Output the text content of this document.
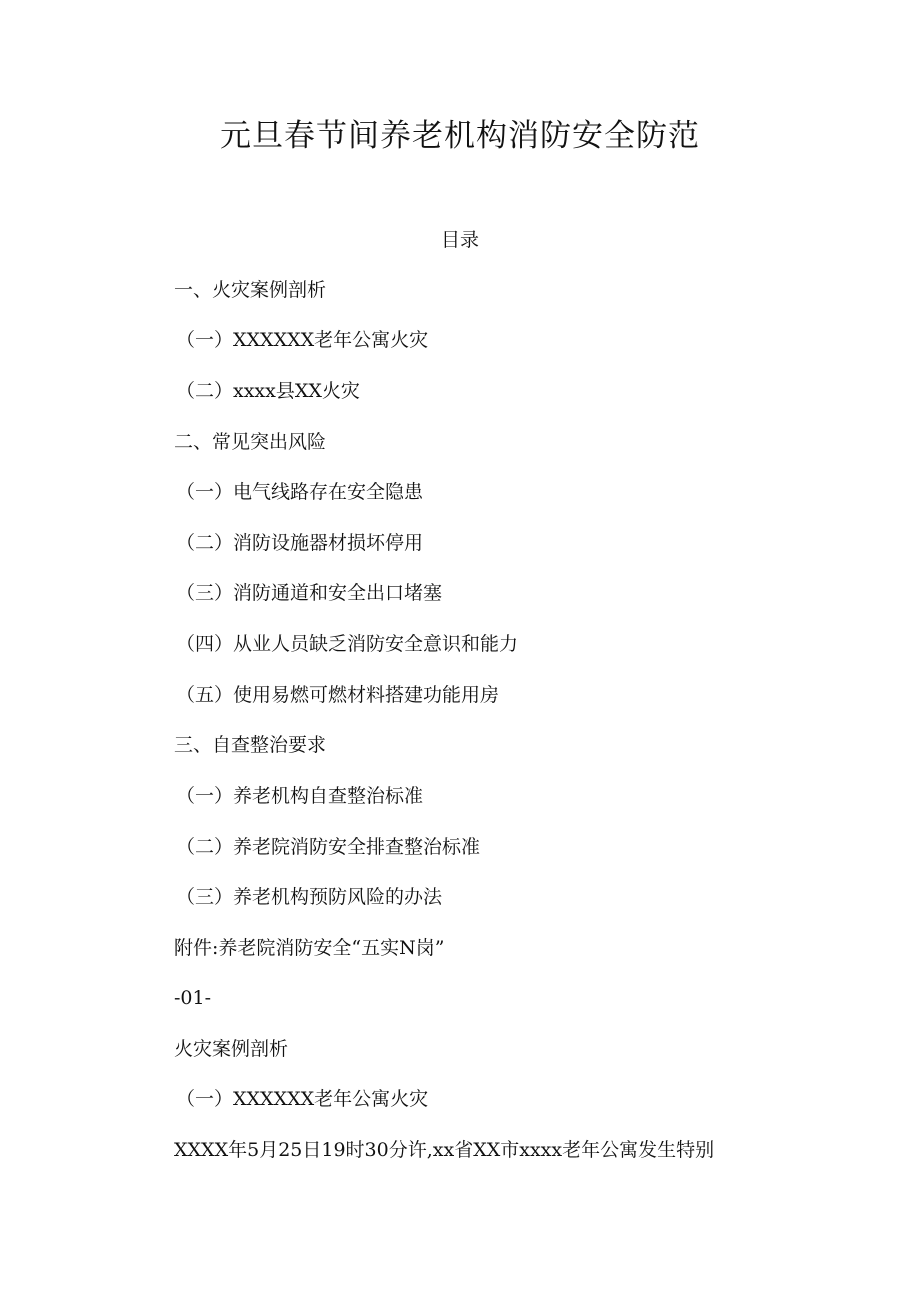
元旦春节间养老机构消防安全防范

目录

一、火灾案例剖析

（一）XXXXXX老年公寓火灾

（二）xxxx县XX火灾

二、常见突出风险

（一）电气线路存在安全隐患

（二）消防设施器材损坏停用

（三）消防通道和安全出口堵塞

（四）从业人员缺乏消防安全意识和能力

（五）使用易燃可燃材料搭建功能用房

三、自查整治要求

（一）养老机构自查整治标准

（二）养老院消防安全排查整治标准

（三）养老机构预防风险的办法

附件:养老院消防安全“五实N岗”

-01-

火灾案例剖析

（一）XXXXXX老年公寓火灾

XXXX年5月25日19时30分许,xx省XX市xxxx老年公寓发生特别
